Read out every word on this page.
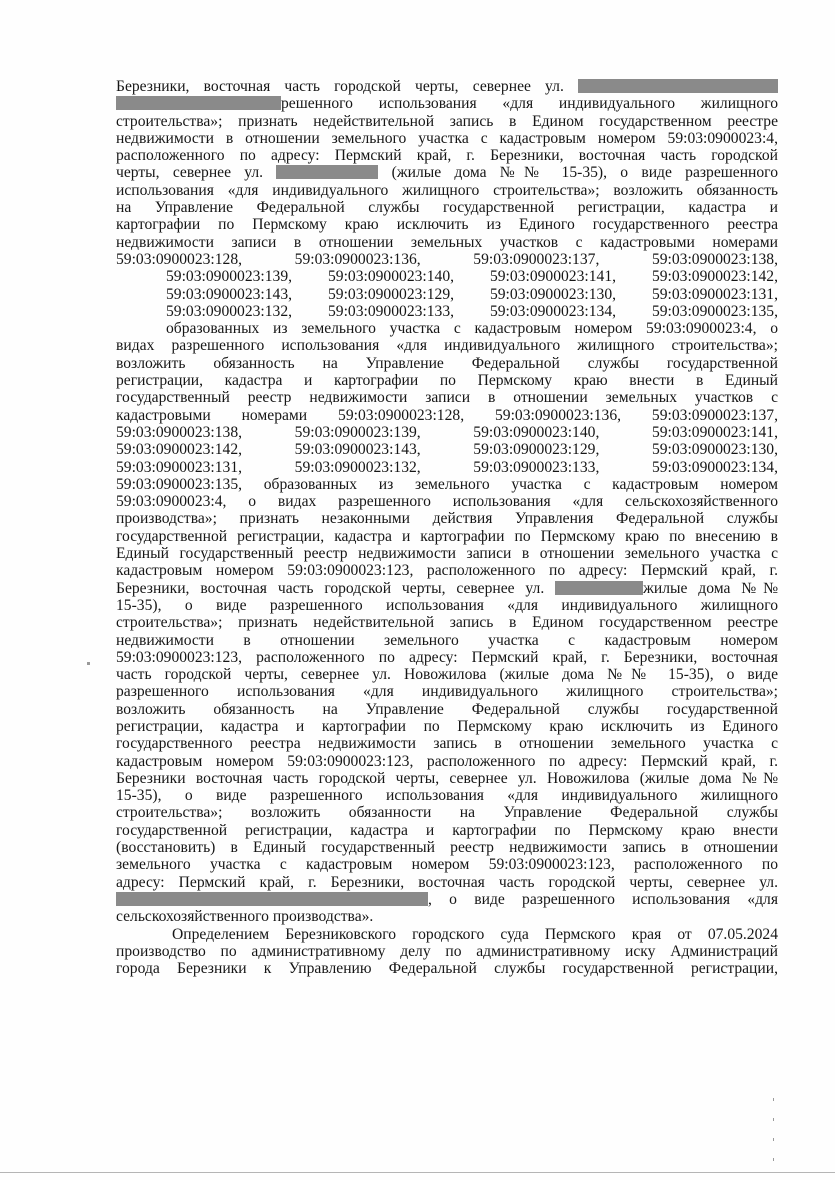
Березники, восточная часть городской черты, севернее ул.
решенного использования «для индивидуального жилищного
строительства»; признать недействительной запись в Едином государственном реестре
недвижимости в отношении земельного участка с кадастровым номером 59:03:0900023:4,
расположенного по адресу: Пермский край, г. Березники, восточная часть городской
черты, севернее ул.	(жилые дома №№ 15-35), о виде разрешенного
использования «для индивидуального жилищного строительства»; возложить обязанность
на Управление Федеральной службы государственной регистрации, кадастра и
картографии по Пермскому краю исключить из Единого государственного реестра
недвижимости записи в отношении земельных участков с кадастровыми номерами
59:03:0900023:128, 59:03:0900023:136, 59:03:0900023:137, 59:03:0900023:138,
59:03:0900023:139, 59:03:0900023:140, 59:03:0900023:141, 59:03:0900023:142,
59:03:0900023:143, 59:03:0900023:129, 59:03:0900023:130, 59:03:0900023:131,
59:03:0900023:132, 59:03:0900023:133, 59:03:0900023:134, 59:03:0900023:135,
образованных из земельного участка с кадастровым номером 59:03:0900023:4, о
видах разрешенного использования «для индивидуального жилищного строительства»;
возложить обязанность на Управление Федеральной службы государственной
регистрации, кадастра и картографии по Пермскому краю внести в Единый
государственный реестр недвижимости записи в отношении земельных участков с
кадастровыми номерами 59:03:0900023:128, 59:03:0900023:136, 59:03:0900023:137,
59:03:0900023:138, 59:03:0900023:139, 59:03:0900023:140, 59:03:0900023:141,
59:03:0900023:142, 59:03:0900023:143, 59:03:0900023:129, 59:03:0900023:130,
59:03:0900023:131, 59:03:0900023:132, 59:03:0900023:133, 59:03:0900023:134,
59:03:0900023:135, образованных из земельного участка с кадастровым номером
59:03:0900023:4, о видах разрешенного использования «для сельскохозяйственного
производства»; признать незаконными действия Управления Федеральной службы
государственной регистрации, кадастра и картографии по Пермскому краю по внесению в
Единый государственный реестр недвижимости записи в отношении земельного участка с
кадастровым номером 59:03:0900023:123, расположенного по адресу: Пермский край, г.
Березники, восточная часть городской черты, севернее ул.	жилые дома №№
15-35), о виде разрешенного использования «для индивидуального жилищного
строительства»; признать недействительной запись в Едином государственном реестре
недвижимости в отношении земельного участка с кадастровым номером
59:03:0900023:123, расположенного по адресу: Пермский край, г. Березники, восточная
часть городской черты, севернее ул. Новожилова (жилые дома №№ 15-35), о виде
разрешенного использования «для индивидуального жилищного строительства»;
возложить обязанность на Управление Федеральной службы государственной
регистрации, кадастра и картографии по Пермскому краю исключить из Единого
государственного реестра недвижимости запись в отношении земельного участка с
кадастровым номером 59:03:0900023:123, расположенного по адресу: Пермский край, г.
Березники восточная часть городской черты, севернее ул. Новожилова (жилые дома №№
15-35), о виде разрешенного использования «для индивидуального жилищного
строительства»; возложить обязанности на Управление Федеральной службы
государственной регистрации, кадастра и картографии по Пермскому краю внести
(восстановить) в Единый государственный реестр недвижимости запись в отношении
земельного участка с кадастровым номером 59:03:0900023:123, расположенного по
адресу: Пермский край, г. Березники, восточная часть городской черты, севернее ул.
, о виде разрешенного использования «для
сельскохозяйственного производства».
Определением Березниковского городского суда Пермского края от 07.05.2024
производство по административному делу по административному иску Администраций
города Березники к Управлению Федеральной службы государственной регистрации,
